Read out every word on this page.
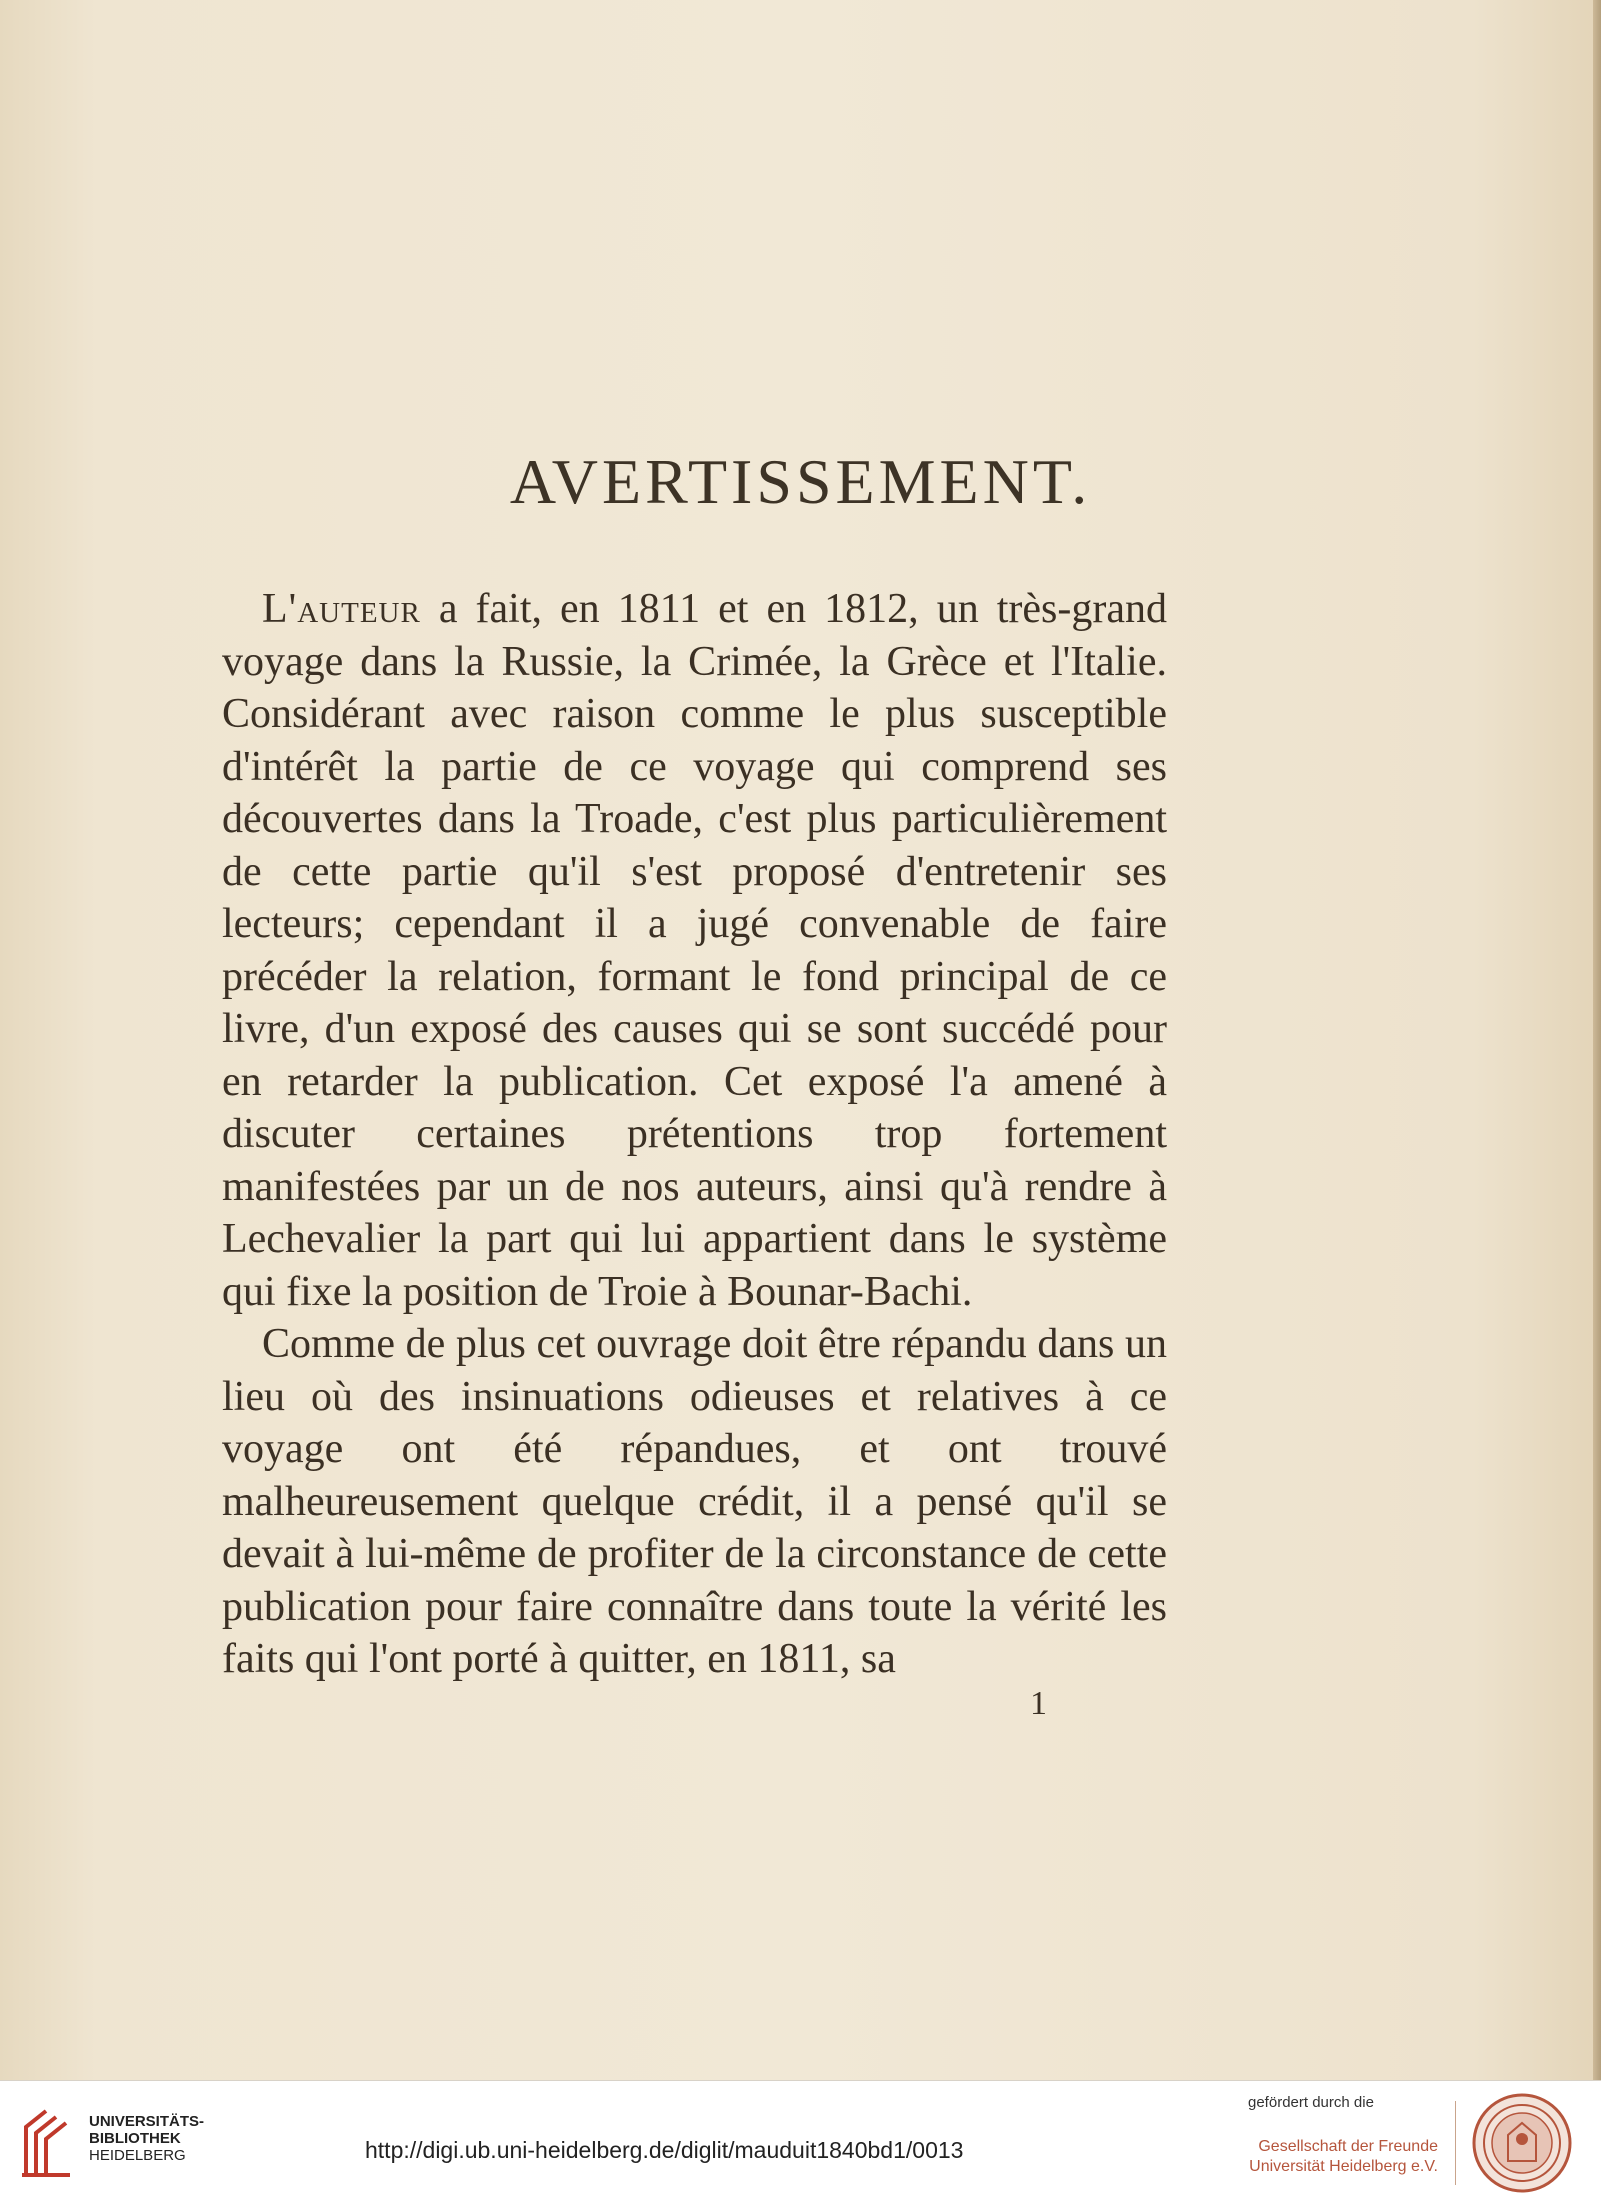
AVERTISSEMENT.

L'auteur a fait, en 1811 et en 1812, un très-grand voyage dans la Russie, la Crimée, la Grèce et l'Italie. Considérant avec raison comme le plus susceptible d'intérêt la partie de ce voyage qui comprend ses découvertes dans la Troade, c'est plus particulièrement de cette partie qu'il s'est proposé d'entretenir ses lecteurs; cependant il a jugé convenable de faire précéder la relation, formant le fond principal de ce livre, d'un exposé des causes qui se sont succédé pour en retarder la publication. Cet exposé l'a amené à discuter certaines prétentions trop fortement manifestées par un de nos auteurs, ainsi qu'à rendre à Lechevalier la part qui lui appartient dans le système qui fixe la position de Troie à Bounar-Bachi.

Comme de plus cet ouvrage doit être répandu dans un lieu où des insinuations odieuses et relatives à ce voyage ont été répandues, et ont trouvé malheureusement quelque crédit, il a pensé qu'il se devait à lui-même de profiter de la circonstance de cette publication pour faire connaître dans toute la vérité les faits qui l'ont porté à quitter, en 1811, sa

1
UNIVERSITÄTS-
BIBLIOTHEK
HEIDELBERG	http://digi.ub.uni-heidelberg.de/diglit/mauduit1840bd1/0013
gefördert durch die
Gesellschaft der Freunde
Universität Heidelberg e.V.
